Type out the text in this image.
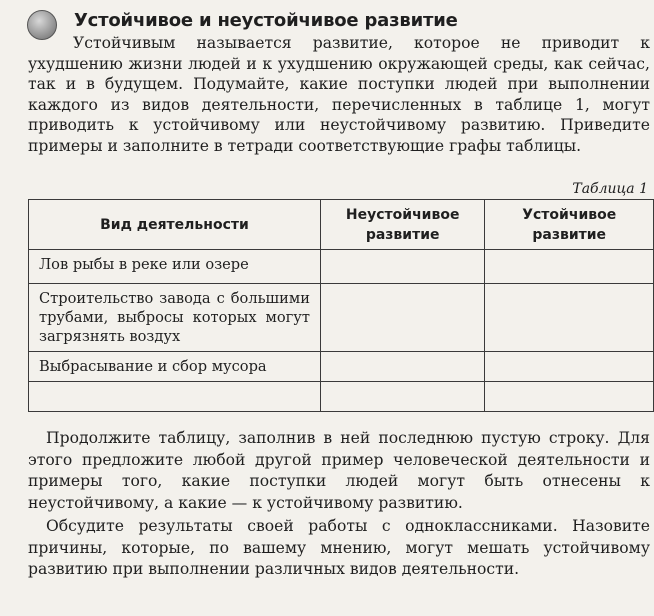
Устойчивое и неустойчивое развитие

Устойчивым называется развитие, которое не приводит к ухудшению жизни людей и к ухудшению окружающей среды, как сейчас, так и в будущем. Подумайте, какие поступки людей при выполнении каждого из видов деятельности, перечисленных в таблице 1, могут приводить к устойчивому или неустойчивому развитию. Приведите примеры и заполните в тетради соответствующие графы таблицы.

Таблица 1
Вид деятельности	Неустойчивое развитие	Устойчивое развитие
Лов рыбы в реке или озере		
Строительство завода с большими трубами, выбросы которых могут загрязнять воздух		
Выбрасывание и сбор мусора		

Продолжите таблицу, заполнив в ней последнюю пустую строку. Для этого предложите любой другой пример человеческой деятельности и примеры того, какие поступки людей могут быть отнесены к неустойчивому, а какие — к устойчивому развитию.

Обсудите результаты своей работы с одноклассниками. Назовите причины, которые, по вашему мнению, могут мешать устойчивому развитию при выполнении различных видов деятельности.
